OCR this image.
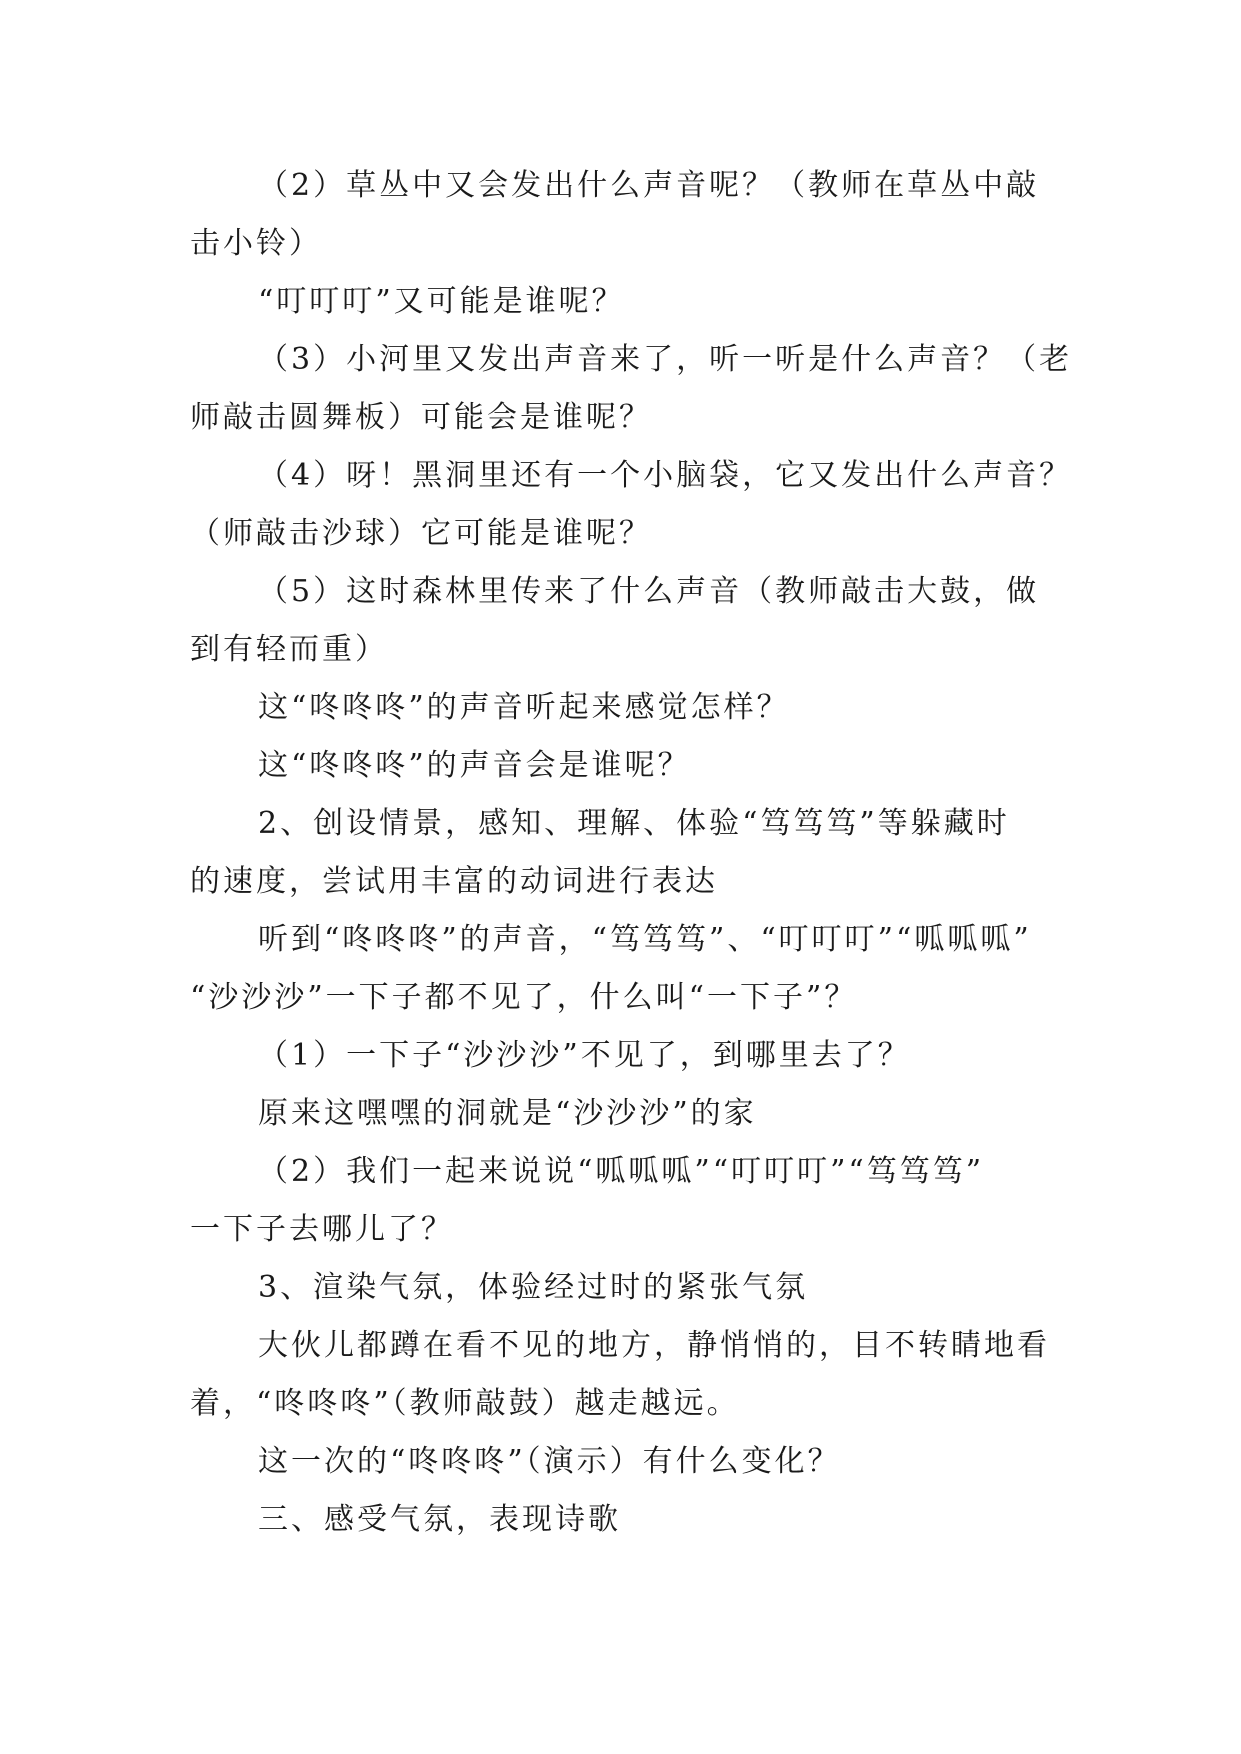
（2）草丛中又会发出什么声音呢？（教师在草丛中敲
击小铃）
“叮叮叮”又可能是谁呢？
（3）小河里又发出声音来了，听一听是什么声音？（老
师敲击圆舞板）可能会是谁呢？
（4）呀！黑洞里还有一个小脑袋，它又发出什么声音？
（师敲击沙球）它可能是谁呢？
（5）这时森林里传来了什么声音（教师敲击大鼓，做
到有轻而重）
这“咚咚咚”的声音听起来感觉怎样？
这“咚咚咚”的声音会是谁呢？
2、创设情景，感知、理解、体验“笃笃笃”等躲藏时
的速度，尝试用丰富的动词进行表达
听到“咚咚咚”的声音，“笃笃笃”、“叮叮叮”“呱呱呱”
“沙沙沙”一下子都不见了，什么叫“一下子”？
（1）一下子“沙沙沙”不见了，到哪里去了？
原来这嘿嘿的洞就是“沙沙沙”的家
（2）我们一起来说说“呱呱呱”“叮叮叮”“笃笃笃”
一下子去哪儿了？
3、渲染气氛，体验经过时的紧张气氛
大伙儿都蹲在看不见的地方，静悄悄的，目不转睛地看
着，“咚咚咚”（教师敲鼓）越走越远。
这一次的“咚咚咚”（演示）有什么变化？
三、感受气氛，表现诗歌
